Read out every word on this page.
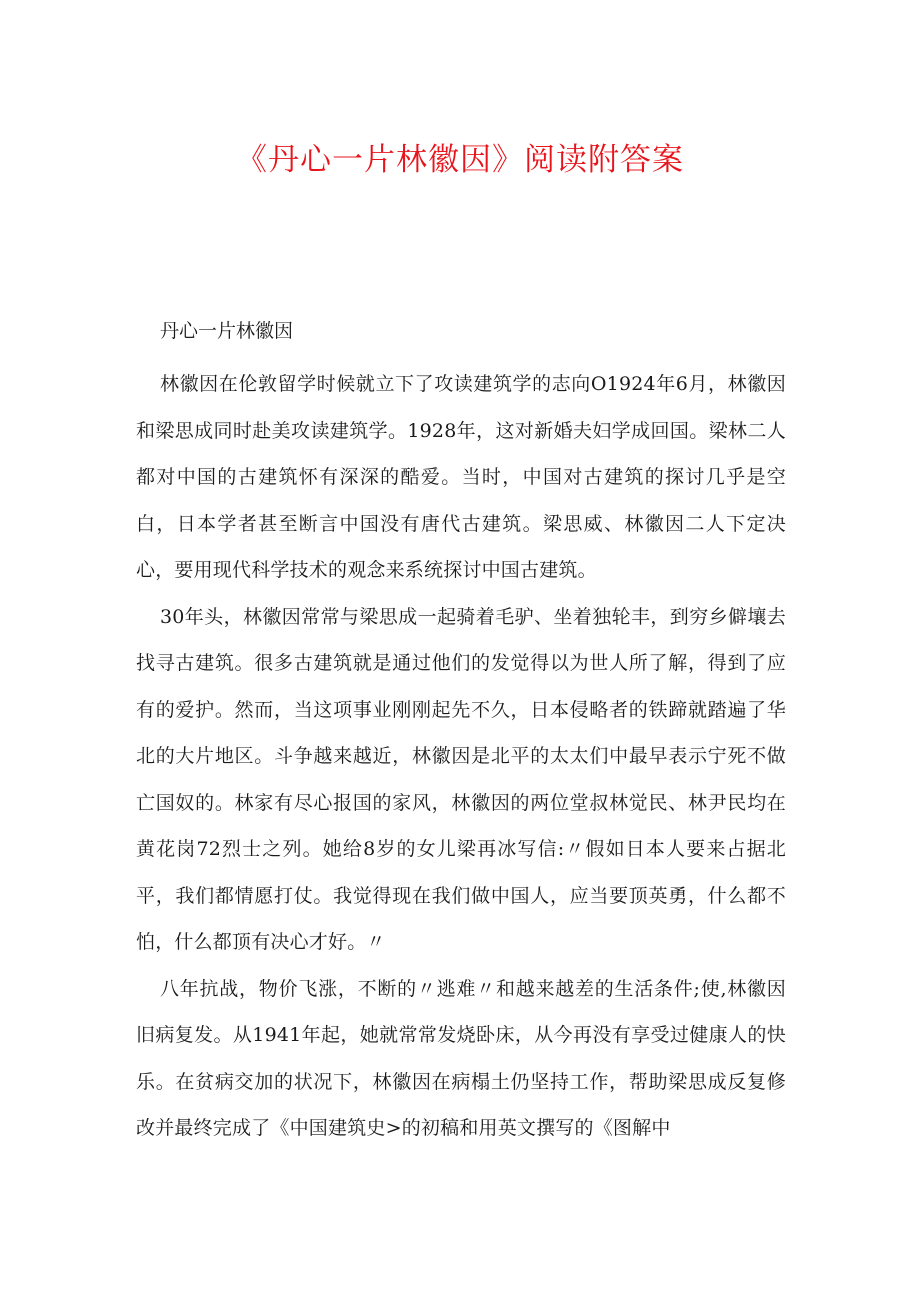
《丹心一片林徽因》阅读附答案

丹心一片林徽因

林徽因在伦敦留学时候就立下了攻读建筑学的志向O1924年6月，林徽因和梁思成同时赴美攻读建筑学。1928年，这对新婚夫妇学成回国。梁林二人都对中国的古建筑怀有深深的酷爱。当时，中国对古建筑的探讨几乎是空白，日本学者甚至断言中国没有唐代古建筑。梁思威、林徽因二人下定决心，要用现代科学技术的观念来系统探讨中国古建筑。

30年头，林徽因常常与梁思成一起骑着毛驴、坐着独轮丰，到穷乡僻壤去找寻古建筑。很多古建筑就是通过他们的发觉得以为世人所了解，得到了应有的爱护。然而，当这项事业刚刚起先不久，日本侵略者的铁蹄就踏遍了华北的大片地区。斗争越来越近，林徽因是北平的太太们中最早表示宁死不做亡国奴的。林家有尽心报国的家风，林徽因的两位堂叔林觉民、林尹民均在黄花岗72烈士之列。她给8岁的女儿梁再冰写信:〃假如日本人要来占据北平，我们都情愿打仗。我觉得现在我们做中国人，应当要顶英勇，什么都不怕，什么都顶有决心才好。〃

八年抗战，物价飞涨，不断的〃逃难〃和越来越差的生活条件;使,林徽因旧病复发。从1941年起，她就常常发烧卧床，从今再没有享受过健康人的快乐。在贫病交加的状况下，林徽因在病榻土仍坚持工作，帮助梁思成反复修改并最终完成了《中国建筑史>的初稿和用英文撰写的《图解中
